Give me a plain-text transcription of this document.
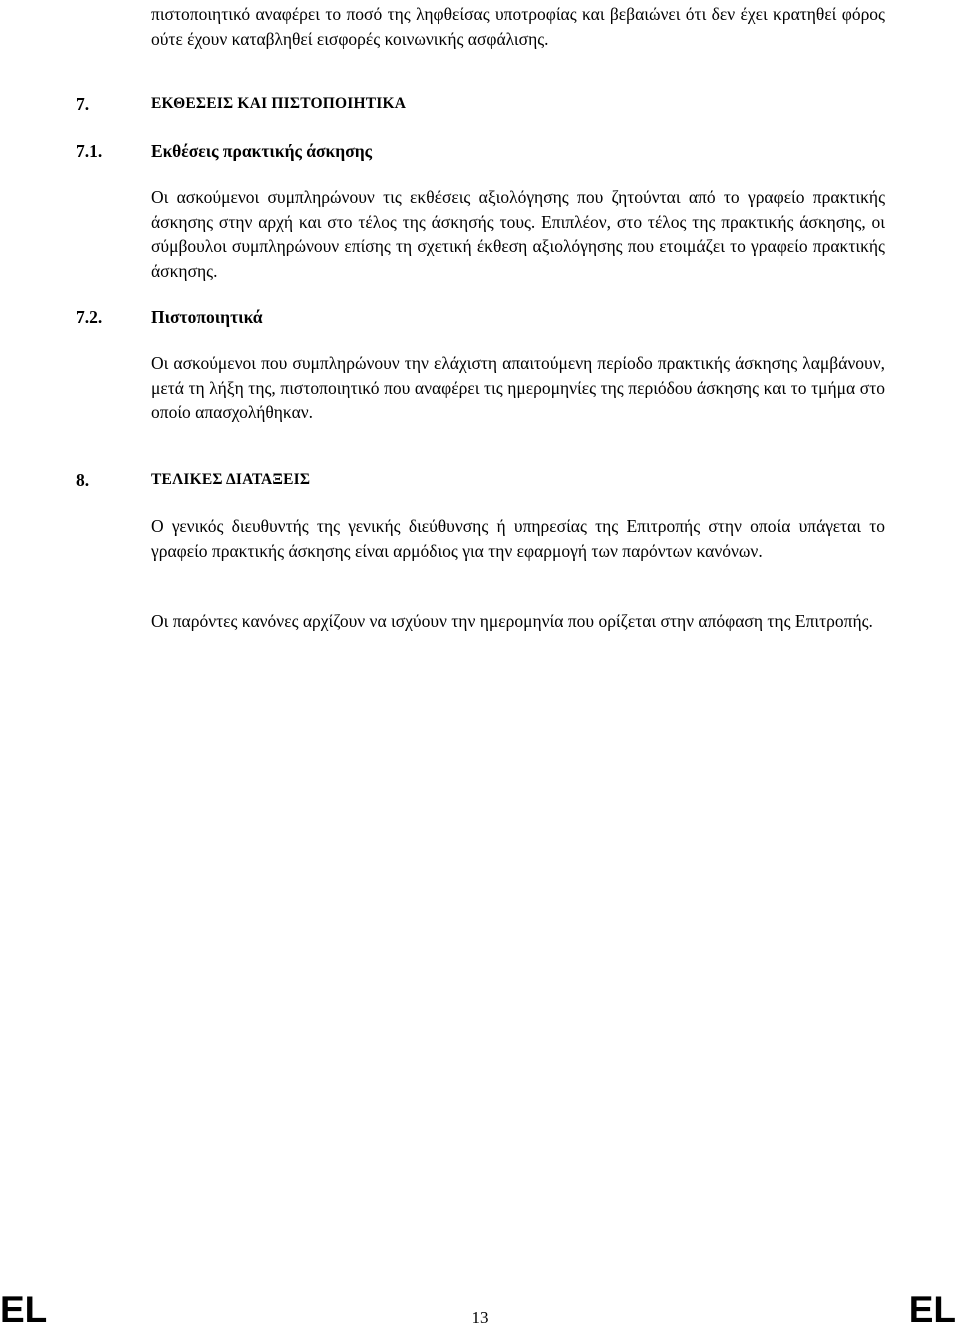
πιστοποιητικό αναφέρει το ποσό της ληφθείσας υποτροφίας και βεβαιώνει ότι δεν έχει κρατηθεί φόρος ούτε έχουν καταβληθεί εισφορές κοινωνικής ασφάλισης.

7.	ΕΚΘΕΣΕΙΣ ΚΑΙ ΠΙΣΤΟΠΟΙΗΤΙΚΑ
7.1.	Εκθέσεις πρακτικής άσκησης

Οι ασκούμενοι συμπληρώνουν τις εκθέσεις αξιολόγησης που ζητούνται από το γραφείο πρακτικής άσκησης στην αρχή και στο τέλος της άσκησής τους. Επιπλέον, στο τέλος της πρακτικής άσκησης, οι σύμβουλοι συμπληρώνουν επίσης τη σχετική έκθεση αξιολόγησης που ετοιμάζει το γραφείο πρακτικής άσκησης.

7.2.	Πιστοποιητικά

Οι ασκούμενοι που συμπληρώνουν την ελάχιστη απαιτούμενη περίοδο πρακτικής άσκησης λαμβάνουν, μετά τη λήξη της, πιστοποιητικό που αναφέρει τις ημερομηνίες της περιόδου άσκησης και το τμήμα στο οποίο απασχολήθηκαν.

8.	ΤΕΛΙΚΕΣ ΔΙΑΤΑΞΕΙΣ

Ο γενικός διευθυντής της γενικής διεύθυνσης ή υπηρεσίας της Επιτροπής στην οποία υπάγεται το γραφείο πρακτικής άσκησης είναι αρμόδιος για την εφαρμογή των παρόντων κανόνων.

Οι παρόντες κανόνες αρχίζουν να ισχύουν την ημερομηνία που ορίζεται στην απόφαση της Επιτροπής.

EL	13	EL
